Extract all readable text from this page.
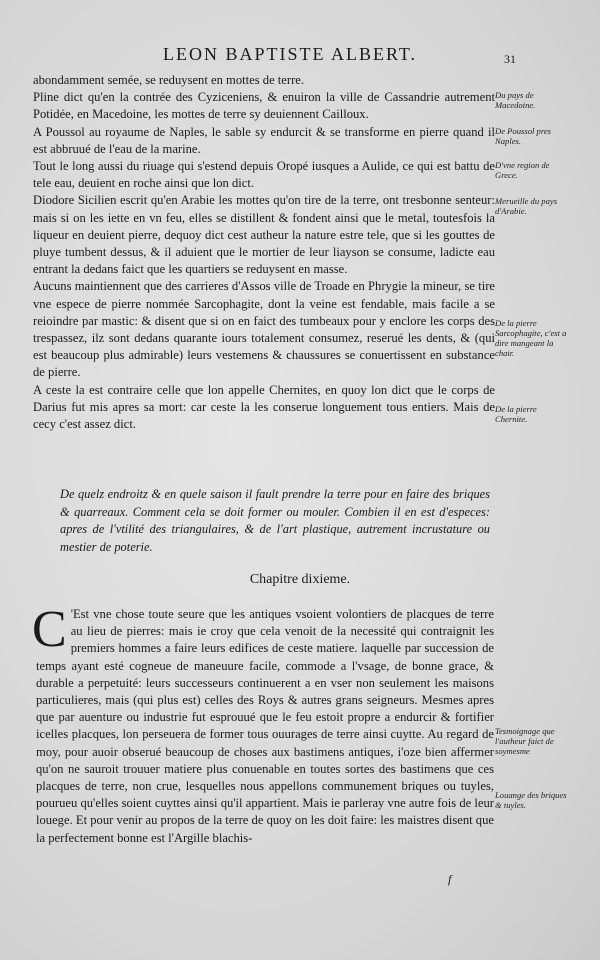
LEON BAPTISTE ALBERT.	31

abondamment semée, se reduysent en mottes de terre.

Pline dict qu'en la contrée des Cyziceniens, & enuiron la ville de Cassandrie autrement Potidée, en Macedoine, les mottes de terre sy deuiennent Cailloux.

A Poussol au royaume de Naples, le sable sy endurcit & se transforme en pierre quand il est abbruué de l'eau de la marine.

Tout le long aussi du riuage qui s'estend depuis Oropé iusques a Aulide, ce qui est battu de tele eau, deuient en roche ainsi que lon dict.

Diodore Sicilien escrit qu'en Arabie les mottes qu'on tire de la terre, ont tresbonne senteur: mais si on les iette en vn feu, elles se distillent & fondent ainsi que le metal, toutesfois la liqueur en deuient pierre, dequoy dict cest autheur la nature estre tele, que si les gouttes de pluye tumbent dessus, & il aduient que le mortier de leur liayson se consume, ladicte eau entrant la dedans faict que les quartiers se reduysent en masse.

Aucuns maintiennent que des carrieres d'Assos ville de Troade en Phrygie la mineur, se tire vne espece de pierre nommée Sarcophagite, dont la veine est fendable, mais facile a se reioindre par mastic: & disent que si on en faict des tumbeaux pour y enclore les corps des trespassez, ilz sont dedans quarante iours totalement consumez, reserué les dents, & (qui est beaucoup plus admirable) leurs vestemens & chaussures se conuertissent en substance de pierre.

A ceste la est contraire celle que lon appelle Chernites, en quoy lon dict que le corps de Darius fut mis apres sa mort: car ceste la les conserue longuement tous entiers. Mais de cecy c'est assez dict.

Du pays de Macedoine.
De Poussol pres Naples.
D'vne region de Grece.
Merueille du pays d'Arabie.
De la pierre Sarcophagite, c'est a dire mangeant la chair.
De la pierre Chernite.
De quelz endroitz & en quele saison il fault prendre la terre pour en faire des briques & quarreaux. Comment cela se doit former ou mouler. Combien il en est d'especes: apres de l'vtilité des triangulaires, & de l'art plastique, autrement incrustature ou mestier de poterie.
Chapitre dixieme.
C 'Est vne chose toute seure que les antiques vsoient volontiers de placques de terre au lieu de pierres: mais ie croy que cela venoit de la necessité qui contraignit les premiers hommes a faire leurs edifices de ceste matiere. laquelle par succession de temps ayant esté cogneue de maneuure facile, commode a l'vsage, de bonne grace, & durable a perpetuité: leurs successeurs continuerent a en vser non seulement les maisons particulieres, mais (qui plus est) celles des Roys & autres grans seigneurs. Mesmes apres que par auenture ou industrie fut esprouué que le feu estoit propre a endurcir & fortifier icelles placques, lon perseuera de former tous ouurages de terre ainsi cuytte. Au regard de moy, pour auoir obserué beaucoup de choses aux bastimens antiques, i'oze bien affermer qu'on ne sauroit trouuer matiere plus conuenable en toutes sortes des bastimens que ces placques de terre, non crue, lesquelles nous appellons communement briques ou tuyles, pourueu qu'elles soient cuyttes ainsi qu'il appartient. Mais ie parleray vne autre fois de leur louege. Et pour venir au propos de la terre de quoy on les doit faire: les maistres disent que la perfectement bonne est l'Argille blachis-

Tesmoignage que l'autheur faict de soymesme
Louange des briques & tuyles.
f
